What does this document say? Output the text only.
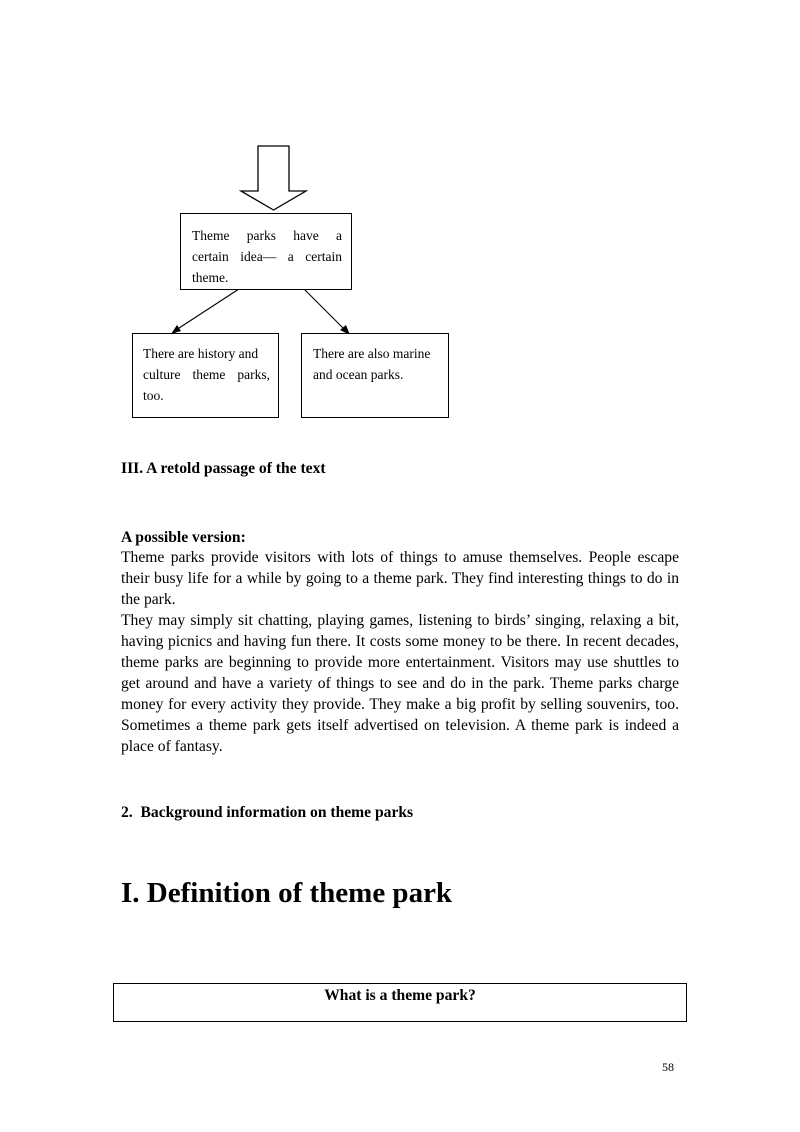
Theme parks have a
certain idea— a certain
theme.
There are history and
culture theme parks,
too.
There are also marine
and ocean parks.
III. A retold passage of the text
A possible version:

Theme parks provide visitors with lots of things to amuse themselves. People escape their busy life for a while by going to a theme park. They find interesting things to do in the park.

They may simply sit chatting, playing games, listening to birds’ singing, relaxing a bit, having picnics and having fun there. It costs some money to be there. In recent decades, theme parks are beginning to provide more entertainment. Visitors may use shuttles to get around and have a variety of things to see and do in the park. Theme parks charge money for every activity they provide. They make a big profit by selling souvenirs, too. Sometimes a theme park gets itself advertised on television. A theme park is indeed a place of fantasy.

2.  Background information on theme parks
I. Definition of theme park
What is a theme park?
58
